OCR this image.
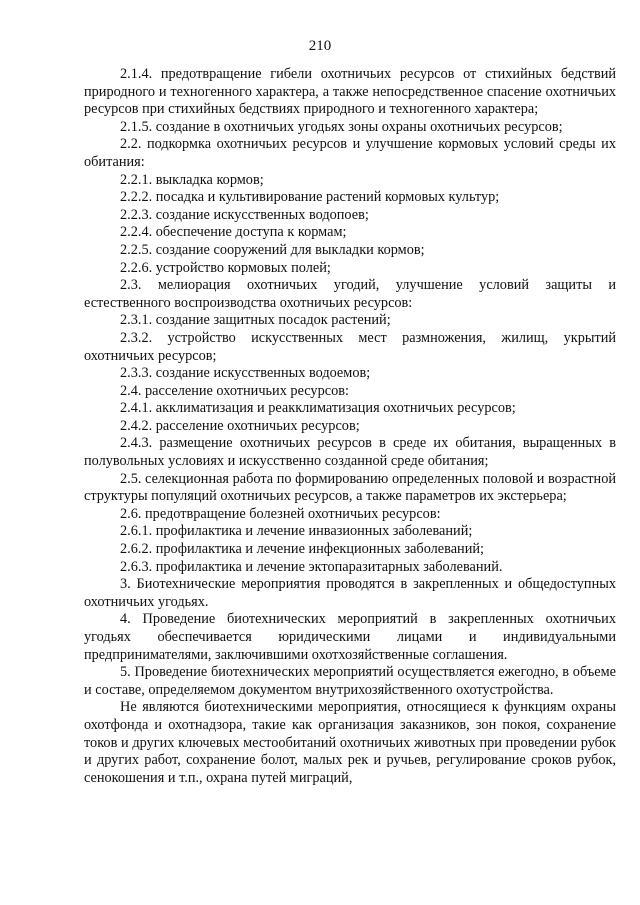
210

2.1.4. предотвращение гибели охотничьих ресурсов от стихийных бедствий природного и техногенного характера, а также непосредственное спасение охотничьих ресурсов при стихийных бедствиях природного и техногенного характера;

2.1.5. создание в охотничьих угодьях зоны охраны охотничьих ресурсов;

2.2. подкормка охотничьих ресурсов и улучшение кормовых условий среды их обитания:

2.2.1. выкладка кормов;

2.2.2. посадка и культивирование растений кормовых культур;

2.2.3. создание искусственных водопоев;

2.2.4. обеспечение доступа к кормам;

2.2.5. создание сооружений для выкладки кормов;

2.2.6. устройство кормовых полей;

2.3. мелиорация охотничьих угодий, улучшение условий защиты и естественного воспроизводства охотничьих ресурсов:

2.3.1. создание защитных посадок растений;

2.3.2. устройство искусственных мест размножения, жилищ, укрытий охотничьих ресурсов;

2.3.3. создание искусственных водоемов;

2.4. расселение охотничьих ресурсов:

2.4.1. акклиматизация и реакклиматизация охотничьих ресурсов;

2.4.2. расселение охотничьих ресурсов;

2.4.3. размещение охотничьих ресурсов в среде их обитания, выращенных в полувольных условиях и искусственно созданной среде обитания;

2.5. селекционная работа по формированию определенных половой и возрастной структуры популяций охотничьих ресурсов, а также параметров их экстерьера;

2.6. предотвращение болезней охотничьих ресурсов:

2.6.1. профилактика и лечение инвазионных заболеваний;

2.6.2. профилактика и лечение инфекционных заболеваний;

2.6.3. профилактика и лечение эктопаразитарных заболеваний.

3. Биотехнические мероприятия проводятся в закрепленных и общедоступных охотничьих угодьях.

4. Проведение биотехнических мероприятий в закрепленных охотничьих угодьях обеспечивается юридическими лицами и индивидуальными предпринимателями, заключившими охотхозяйственные соглашения.

5. Проведение биотехнических мероприятий осуществляется ежегодно, в объеме и составе, определяемом документом внутрихозяйственного охотустройства.

Не являются биотехническими мероприятия, относящиеся к функциям охраны охотфонда и охотнадзора, такие как организация заказников, зон покоя, сохранение токов и других ключевых местообитаний охотничьих животных при проведении рубок и других работ, сохранение болот, малых рек и ручьев, регулирование сроков рубок, сенокошения и т.п., охрана путей миграций,
